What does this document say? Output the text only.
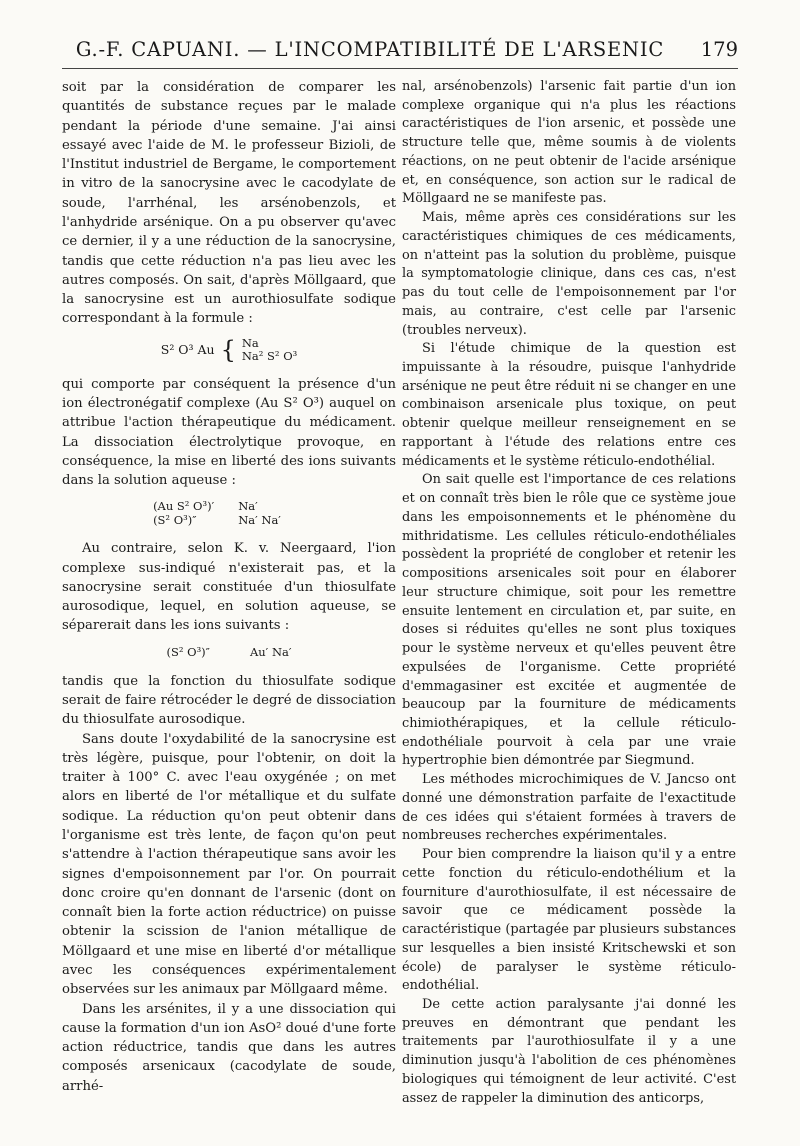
G.-F. CAPUANI. — L'INCOMPATIBILITÉ DE L'ARSENIC	179

soit par la considération de comparer les quantités de substance reçues par le malade pendant la période d'une semaine. J'ai ainsi essayé avec l'aide de M. le professeur Bizioli, de l'Institut industriel de Bergame, le comportement in vitro de la sanocrysine avec le cacodylate de soude, l'arrhénal, les arsénobenzols, et l'anhydride arsénique. On a pu observer qu'avec ce dernier, il y a une réduction de la sanocrysine, tandis que cette réduction n'a pas lieu avec les autres composés. On sait, d'après Möllgaard, que la sanocrysine est un aurothiosulfate sodique correspondant à la formule :

S² O³ Au { Na
Na² S² O³

qui comporte par conséquent la présence d'un ion électronégatif complexe (Au S² O³) auquel on attribue l'action thérapeutique du médicament. La dissociation électrolytique provoque, en conséquence, la mise en liberté des ions suivants dans la solution aqueuse :

(Au S² O³)′ Na′
(S² O³)″	Na′ Na′

Au contraire, selon K. v. Neergaard, l'ion complexe sus-indiqué n'existerait pas, et la sanocrysine serait constituée d'un thiosulfate aurosodique, lequel, en solution aqueuse, se séparerait dans les ions suivants :

(S² O³)″	Au′ Na′

tandis que la fonction du thiosulfate sodique serait de faire rétrocéder le degré de dissociation du thiosulfate aurosodique.

Sans doute l'oxydabilité de la sanocrysine est très légère, puisque, pour l'obtenir, on doit la traiter à 100° C. avec l'eau oxygénée ; on met alors en liberté de l'or métallique et du sulfate sodique. La réduction qu'on peut obtenir dans l'organisme est très lente, de façon qu'on peut s'attendre à l'action thérapeutique sans avoir les signes d'empoisonnement par l'or. On pourrait donc croire qu'en donnant de l'arsenic (dont on connaît bien la forte action réductrice) on puisse obtenir la scission de l'anion métallique de Möllgaard et une mise en liberté d'or métallique avec les conséquences expérimentalement observées sur les animaux par Möllgaard même.

Dans les arsénites, il y a une dissociation qui cause la formation d'un ion AsO² doué d'une forte action réductrice, tandis que dans les autres composés arsenicaux (cacodylate de soude, arrhé-

nal, arsénobenzols) l'arsenic fait partie d'un ion complexe organique qui n'a plus les réactions caractéristiques de l'ion arsenic, et possède une structure telle que, même soumis à de violents réactions, on ne peut obtenir de l'acide arsénique et, en conséquence, son action sur le radical de Möllgaard ne se manifeste pas.

Mais, même après ces considérations sur les caractéristiques chimiques de ces médicaments, on n'atteint pas la solution du problème, puisque la symptomatologie clinique, dans ces cas, n'est pas du tout celle de l'empoisonnement par l'or mais, au contraire, c'est celle par l'arsenic (troubles nerveux).

Si l'étude chimique de la question est impuissante à la résoudre, puisque l'anhydride arsénique ne peut être réduit ni se changer en une combinaison arsenicale plus toxique, on peut obtenir quelque meilleur renseignement en se rapportant à l'étude des relations entre ces médicaments et le système réticulo-endothélial.

On sait quelle est l'importance de ces relations et on connaît très bien le rôle que ce système joue dans les empoisonnements et le phénomène du mithridatisme. Les cellules réticulo-endothéliales possèdent la propriété de conglober et retenir les compositions arsenicales soit pour en élaborer leur structure chimique, soit pour les remettre ensuite lentement en circulation et, par suite, en doses si réduites qu'elles ne sont plus toxiques pour le système nerveux et qu'elles peuvent être expulsées de l'organisme. Cette propriété d'emmagasiner est excitée et augmentée de beaucoup par la fourniture de médicaments chimiothérapiques, et la cellule réticulo-endothéliale pourvoit à cela par une vraie hypertrophie bien démontrée par Siegmund.

Les méthodes microchimiques de V. Jancso ont donné une démonstration parfaite de l'exactitude de ces idées qui s'étaient formées à travers de nombreuses recherches expérimentales.

Pour bien comprendre la liaison qu'il y a entre cette fonction du réticulo-endothélium et la fourniture d'aurothiosulfate, il est nécessaire de savoir que ce médicament possède la caractéristique (partagée par plusieurs substances sur lesquelles a bien insisté Kritschewski et son école) de paralyser le système réticulo-endothélial.

De cette action paralysante j'ai donné les preuves en démontrant que pendant les traitements par l'aurothiosulfate il y a une diminution jusqu'à l'abolition de ces phénomènes biologiques qui témoignent de leur activité. C'est assez de rappeler la diminution des anticorps,
